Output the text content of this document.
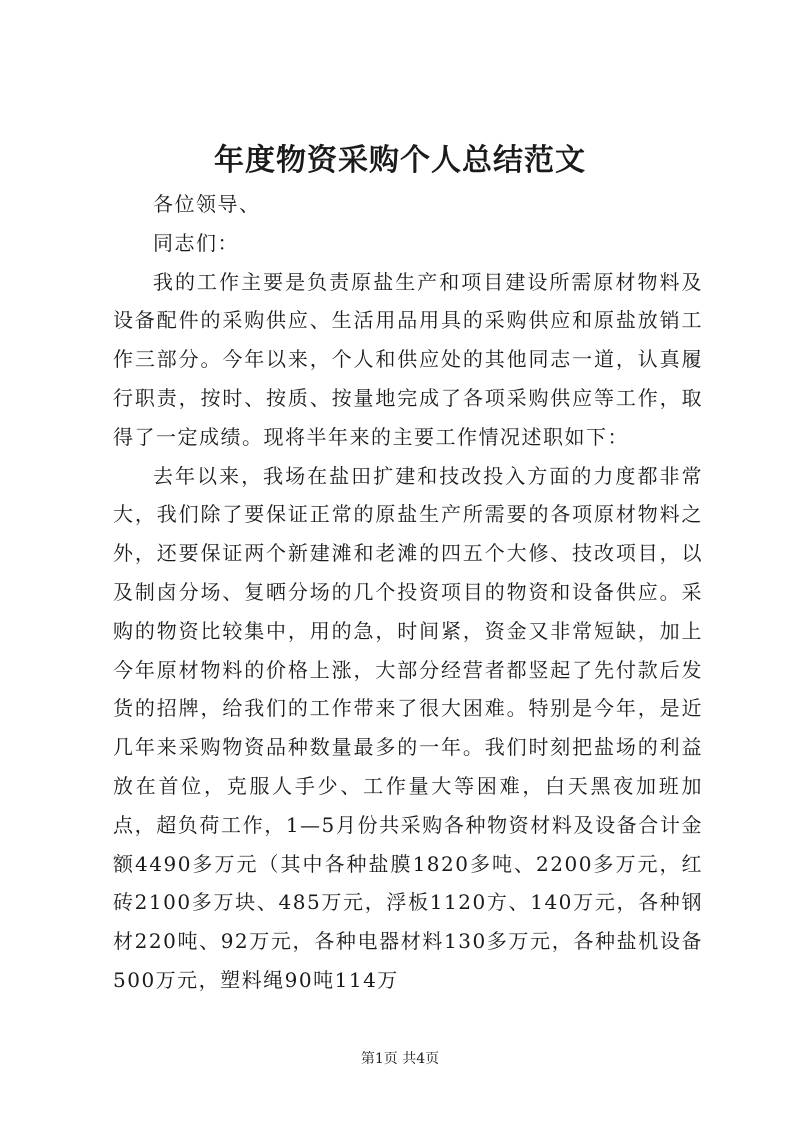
年度物资采购个人总结范文

各位领导、

同志们：

我的工作主要是负责原盐生产和项目建设所需原材物料及设备配件的采购供应、生活用品用具的采购供应和原盐放销工作三部分。今年以来，个人和供应处的其他同志一道，认真履行职责，按时、按质、按量地完成了各项采购供应等工作，取得了一定成绩。现将半年来的主要工作情况述职如下：

去年以来，我场在盐田扩建和技改投入方面的力度都非常大，我们除了要保证正常的原盐生产所需要的各项原材物料之外，还要保证两个新建滩和老滩的四五个大修、技改项目，以及制卤分场、复晒分场的几个投资项目的物资和设备供应。采购的物资比较集中，用的急，时间紧，资金又非常短缺，加上今年原材物料的价格上涨，大部分经营者都竖起了先付款后发货的招牌，给我们的工作带来了很大困难。特别是今年，是近几年来采购物资品种数量最多的一年。我们时刻把盐场的利益放在首位，克服人手少、工作量大等困难，白天黑夜加班加点，超负荷工作，1—5月份共采购各种物资材料及设备合计金额4490多万元（其中各种盐膜1820多吨、2200多万元，红砖2100多万块、485万元，浮板1120方、140万元，各种钢材220吨、92万元，各种电器材料130多万元，各种盐机设备500万元，塑料绳90吨114万

第1页 共4页
